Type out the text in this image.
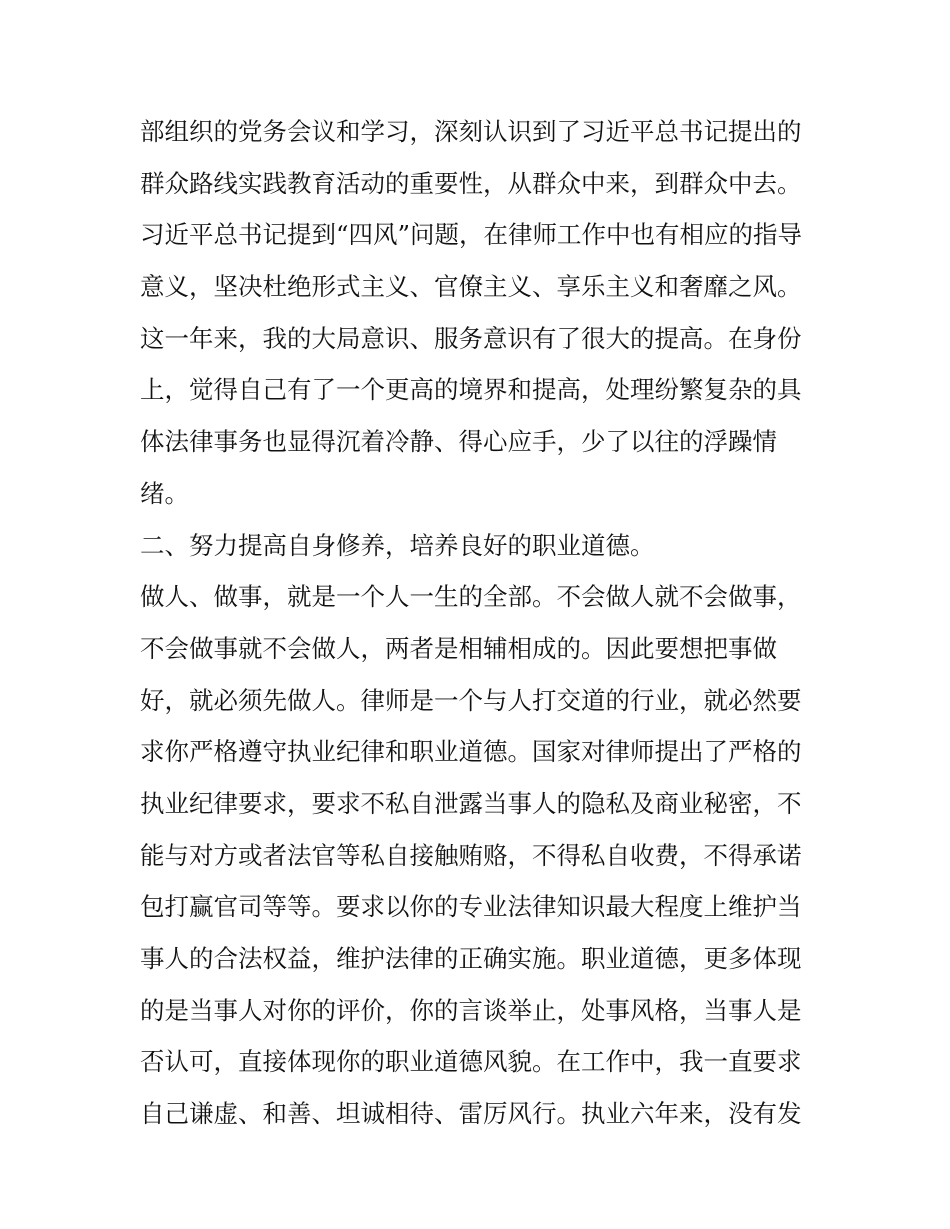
部组织的党务会议和学习，深刻认识到了习近平总书记提出的
群众路线实践教育活动的重要性，从群众中来，到群众中去。
习近平总书记提到“四风”问题，在律师工作中也有相应的指导
意义，坚决杜绝形式主义、官僚主义、享乐主义和奢靡之风。
这一年来，我的大局意识、服务意识有了很大的提高。在身份
上，觉得自己有了一个更高的境界和提高，处理纷繁复杂的具
体法律事务也显得沉着冷静、得心应手，少了以往的浮躁情
绪。
二、努力提高自身修养，培养良好的职业道德。
做人、做事，就是一个人一生的全部。不会做人就不会做事，
不会做事就不会做人，两者是相辅相成的。因此要想把事做
好，就必须先做人。律师是一个与人打交道的行业，就必然要
求你严格遵守执业纪律和职业道德。国家对律师提出了严格的
执业纪律要求，要求不私自泄露当事人的隐私及商业秘密，不
能与对方或者法官等私自接触贿赂，不得私自收费，不得承诺
包打赢官司等等。要求以你的专业法律知识最大程度上维护当
事人的合法权益，维护法律的正确实施。职业道德，更多体现
的是当事人对你的评价，你的言谈举止，处事风格，当事人是
否认可，直接体现你的职业道德风貌。在工作中，我一直要求
自己谦虚、和善、坦诚相待、雷厉风行。执业六年来，没有发
